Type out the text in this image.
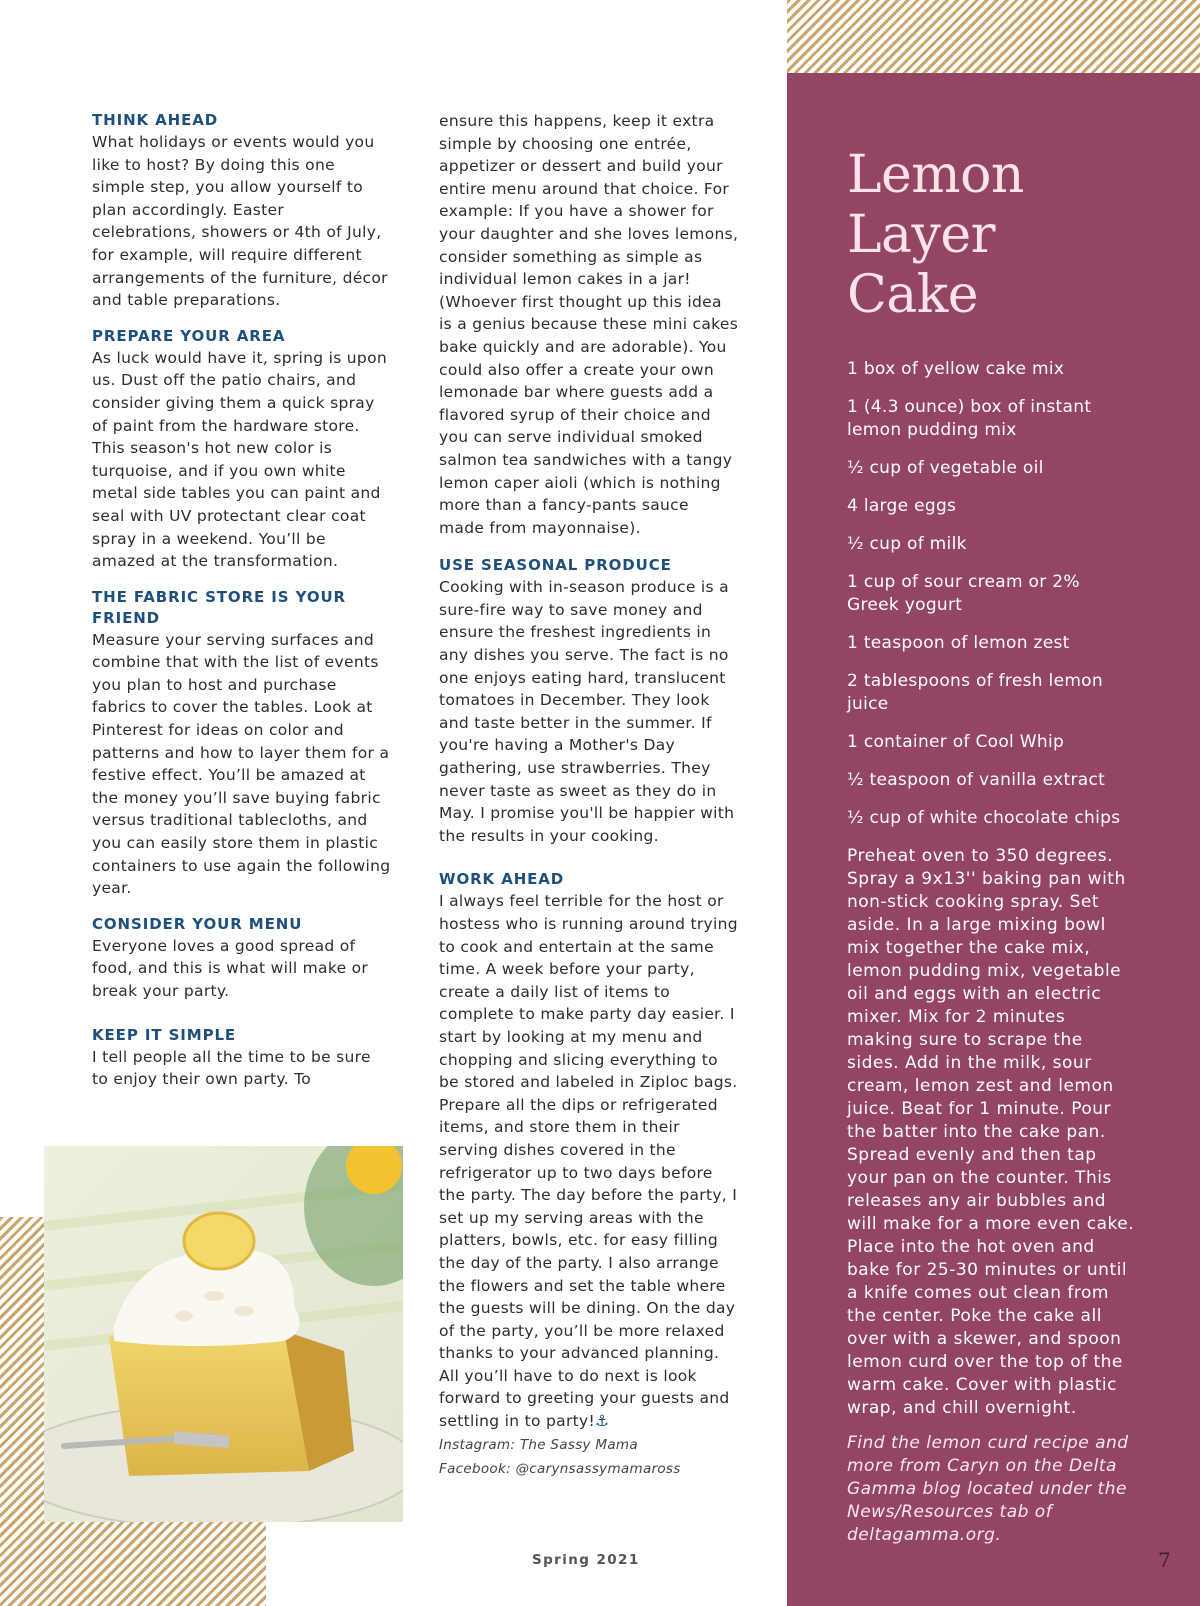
THINK AHEAD

What holidays or events would you like to host? By doing this one simple step, you allow yourself to plan accordingly. Easter celebrations, showers or 4th of July, for example, will require different arrangements of the furniture, décor and table preparations.

PREPARE YOUR AREA

As luck would have it, spring is upon us. Dust off the patio chairs, and consider giving them a quick spray of paint from the hardware store. This season's hot new color is turquoise, and if you own white metal side tables you can paint and seal with UV protectant clear coat spray in a weekend. You’ll be amazed at the transformation.

THE FABRIC STORE IS YOUR FRIEND

Measure your serving surfaces and combine that with the list of events you plan to host and purchase fabrics to cover the tables. Look at Pinterest for ideas on color and patterns and how to layer them for a festive effect. You’ll be amazed at the money you’ll save buying fabric versus traditional tablecloths, and you can easily store them in plastic containers to use again the following year.

CONSIDER YOUR MENU

Everyone loves a good spread of food, and this is what will make or break your party.

KEEP IT SIMPLE

I tell people all the time to be sure to enjoy their own party. To

ensure this happens, keep it extra simple by choosing one entrée, appetizer or dessert and build your entire menu around that choice. For example: If you have a shower for your daughter and she loves lemons, consider something as simple as individual lemon cakes in a jar! (Whoever first thought up this idea is a genius because these mini cakes bake quickly and are adorable). You could also offer a create your own lemonade bar where guests add a flavored syrup of their choice and you can serve individual smoked salmon tea sandwiches with a tangy lemon caper aioli (which is nothing more than a fancy-pants sauce made from mayonnaise).

USE SEASONAL PRODUCE

Cooking with in-season produce is a sure-fire way to save money and ensure the freshest ingredients in any dishes you serve. The fact is no one enjoys eating hard, translucent tomatoes in December. They look and taste better in the summer. If you're having a Mother's Day gathering, use strawberries. They never taste as sweet as they do in May. I promise you'll be happier with the results in your cooking.

WORK AHEAD

I always feel terrible for the host or hostess who is running around trying to cook and entertain at the same time. A week before your party, create a daily list of items to complete to make party day easier. I start by looking at my menu and chopping and slicing everything to be stored and labeled in Ziploc bags. Prepare all the dips or refrigerated items, and store them in their serving dishes covered in the refrigerator up to two days before the party. The day before the party, I set up my serving areas with the platters, bowls, etc. for easy filling the day of the party. I also arrange the flowers and set the table where the guests will be dining. On the day of the party, you’ll be more relaxed thanks to your advanced planning. All you’ll have to do next is look forward to greeting your guests and settling in to party!⚓

Instagram: The Sassy Mama

Facebook: @carynsassymamaross

Lemon
Layer Cake

1 box of yellow cake mix

1 (4.3 ounce) box of instant lemon pudding mix

½ cup of vegetable oil

4 large eggs

½ cup of milk

1 cup of sour cream or 2% Greek yogurt

1 teaspoon of lemon zest

2 tablespoons of fresh lemon juice

1 container of Cool Whip

½ teaspoon of vanilla extract

½ cup of white chocolate chips

Preheat oven to 350 degrees. Spray a 9x13'' baking pan with non-stick cooking spray. Set aside. In a large mixing bowl mix together the cake mix, lemon pudding mix, vegetable oil and eggs with an electric mixer. Mix for 2 minutes making sure to scrape the sides. Add in the milk, sour cream, lemon zest and lemon juice. Beat for 1 minute. Pour the batter into the cake pan. Spread evenly and then tap your pan on the counter. This releases any air bubbles and will make for a more even cake. Place into the hot oven and bake for 25-30 minutes or until a knife comes out clean from the center. Poke the cake all over with a skewer, and spoon lemon curd over the top of the warm cake. Cover with plastic wrap, and chill overnight.

Find the lemon curd recipe and more from Caryn on the Delta Gamma blog located under the News/Resources tab of deltagamma.org.

Spring 2021	7
